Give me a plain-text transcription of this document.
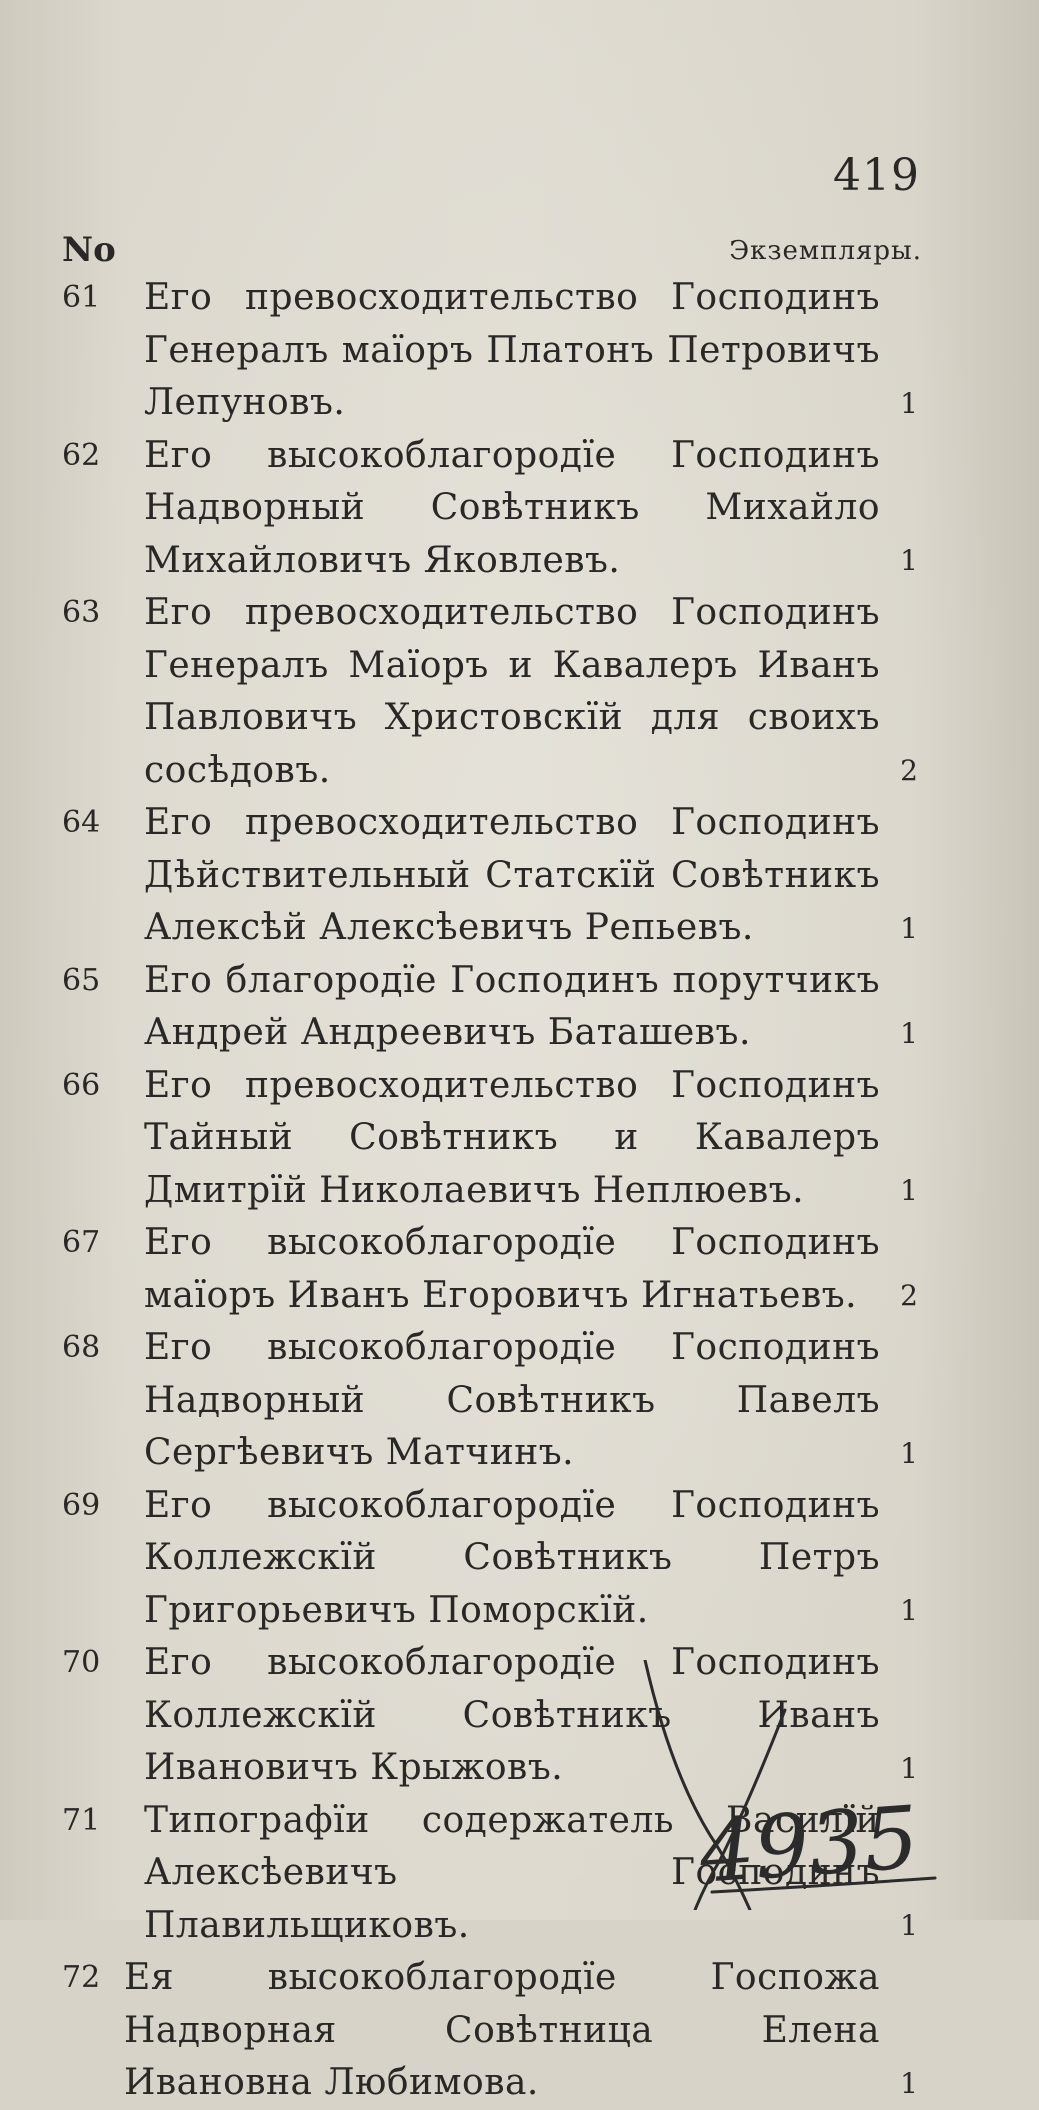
419
No	Экземпляры.
61 Его превосходительство Господинъ Генералъ маїоръ Платонъ Петровичъ Лепуновъ.	1
62 Его высокоблагородїе Господинъ Надворный Совѣтникъ Михайло Михайловичъ Яковлевъ.	1
63 Его превосходительство Господинъ Генералъ Маїоръ и Кавалеръ Иванъ Павловичъ Христовскїй для своихъ сосѣдовъ.	2
64 Его превосходительство Господинъ Дѣйствительный Статскїй Совѣтникъ Алексѣй Алексѣевичъ Репьевъ.	1
65 Его благородїе Господинъ порутчикъ Андрей Андреевичъ Баташевъ.	1
66 Его превосходительство Господинъ Тайный Совѣтникъ и Кавалеръ Дмитрїй Николаевичъ Неплюевъ.	1
67 Его высокоблагородїе Господинъ маїоръ Иванъ Егоровичъ Игнатьевъ.	2
68 Его высокоблагородїе Господинъ Надворный Совѣтникъ Павелъ Сергѣевичъ Матчинъ.	1
69 Его высокоблагородїе Господинъ Коллежскїй Совѣтникъ Петръ Григорьевичъ Поморскїй.	1
70 Его высокоблагородїе Господинъ Коллежскїй Совѣтникъ Иванъ Ивановичъ Крыжовъ.	1
71 Типографїи содержатель Василїй Алексѣевичъ Господинъ Плавильщиковъ.	1
72 Ея высокоблагородїе Госпожа Надворная Совѣтница Елена Ивановна Любимова.	1
4935
